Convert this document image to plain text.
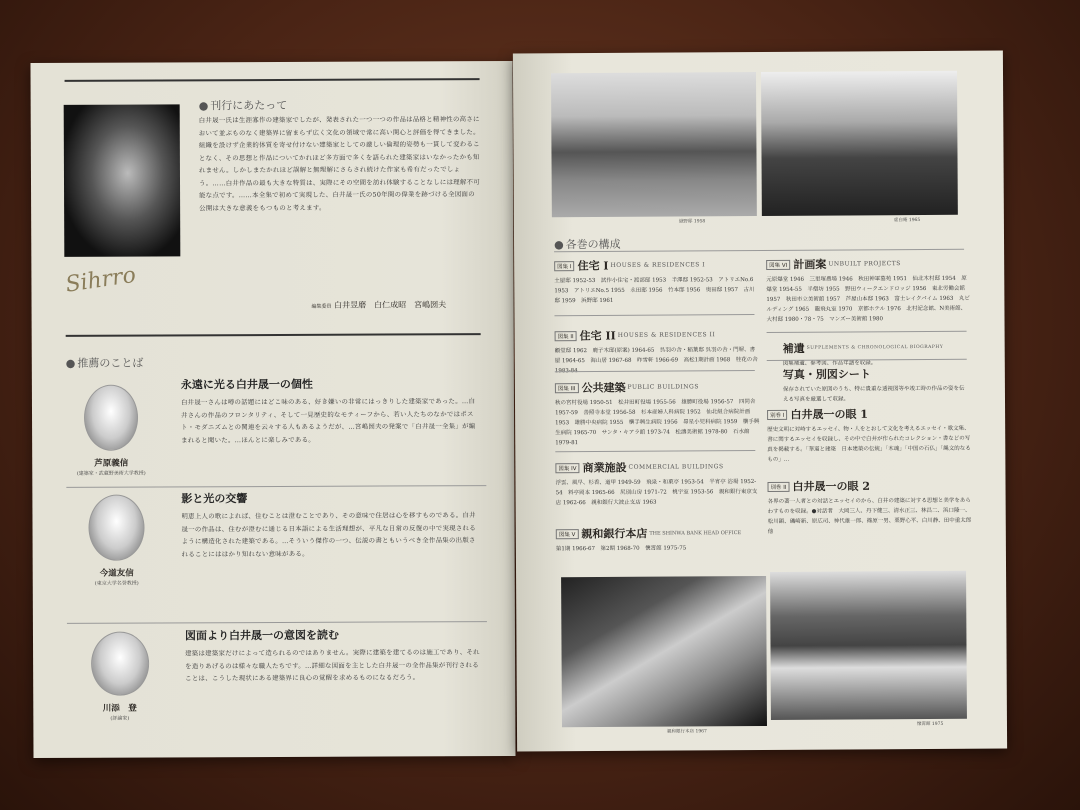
Sihrro
● 刊行にあたって
白井晟一氏は生涯寡作の建築家でしたが、発表された一つ一つの作品は品格と精神性の高さにおいて並ぶものなく建築界に留まらず広く文化の領域で常に高い関心と評価を得てきました。組織を設けず企業的体質を寄せ付けない建築家としての厳しい倫理的姿勢も一貫して変わることなく、その思想と作品についてかれほど多方面で多くを語られた建築家はいなかったかも知れません。しかしまたかれほど誤解と無理解にさらされ続けた作家も希有だったでしょう。……白井作品の最も大きな特質は、実際にその空間を訪れ体験することなしには理解不可能な点です。……本全集で初めて実現した、白井晟一氏の50年間の偉業を跡づける全図面の公開は大きな意義をもつものと考えます。
編集委員 白井昱磨　白仁成昭　宮嶋圀夫
● 推薦のことば
芦原義信
(建築家・武蔵野美術大学教授)
永遠に光る白井晟一の個性
白井晟一さんは噂の話題にはどこ味のある、好き嫌いの非常にはっきりした建築家であった。…白井さんの作品のフロンタリティ、そして一見歴史的なモティーフから、若い人たちのなかではポスト・モダニズムとの関連を云々する人もあるようだが、…宮嶋圀夫の発案で「白井晟一全集」が編まれると聞いた。…ほんとに楽しみである。
今道友信
(東京大学名誉教授)
影と光の交響
明恵上人の歌によれば、住むことは澄むことであり、その意味で住居は心を移すものである。白井晟一の作品は、住むが澄むに通じる日本語による生活理想が、平凡な日常の反復の中で実現されるように構造化された建築である。…そういう傑作の一つ、伝説の書ともいうべき全作品集の出版されることにははかり知れない意味がある。
川添　登
(評論家)
図面より白井晟一の意図を読む
建築は建築家だけによって造られるのではありません。実際に建築を建てるのは施工であり、それを造りあげるのは様々な職人たちです。…詳細な図面を主とした白井晟一の全作品集が刊行されることは、こうした現状にある建築界に良心の覚醒を求めるものになるだろう。
嶽野邸 1958	虚白庵 1965
● 各巻の構成
図集 I 住宅 I HOUSES & RESIDENCES I
土屋邸 1952-53　試作小住宅・渡部邸 1953　半澤邸 1952-53　アトリエNo.6 1953　アトリエNo.5 1955　永田邸 1956　竹本邸 1956　奥田邸 1957　古川邸 1959　浜野邸 1961
図集 II 住宅 II HOUSES & RESIDENCES II
顧堂邸 1962　鹿子木邸(原案) 1964-65　呉羽の舎・稲葉邸 呉羽の舎・門塀、書屋 1964-65　海山居 1967-68　昨雪軒 1966-69　高松1期計画 1968　桂花の舎
図集 III 公共建築 PUBLIC BUILDINGS
秋の宮村役場 1950-51　松井田町役場 1955-56　雄勝町役場 1956-57　四同舎 1957-59　善照寺本堂 1956-58　杉本産婦人科病院 1952　仙北組合病院計画 1953　雄勝中央病院 1955　横手興生病院 1956　昴星小児科病院 1959　横手興生病院 1965-70　サンタ・キアラ館 1973-74　松濤美術館 1978-80　石水館 1979-81
図集 IV 商業施設 COMMERCIAL BUILDINGS
浮雲、風早、杉香、道甲 1949-59　飛泉・和菓亭 1953-54　半宵亭 浴場 1952-54　料亭岡本 1965-66　尻別山房 1971-72　桃宇室 1953-56　親和銀行東京支店 1962-66　親和銀行大波止支店 1963
図集 V 親和銀行本店 THE SHINWA BANK HEAD OFFICE
第1期 1966-67　第2期 1968-70　懐霄館 1975-75
図集 VI 計画案 UNBUILT PROJECTS
元原爆堂 1946　三里塚農場 1946　秋田神軍墓苑 1951　仙北木村邸 1954　原爆堂 1954-55　半僧坊 1955　野田ウィークエンドロッジ 1956　東北労働会館 1957　秋田市立美術館 1957　芦屋山本邸 1963　富士レイクパイム 1963　丸ビルディング 1965　龍飛丸室 1970　京都ホテル 1976　北村記念館、N美術館、大村邸 1980・78・75　マンズー美術館 1980
補遺 SUPPLEMENTS & CHRONOLOGICAL BIOGRAPHY
図集補遺、参考図、作品年譜を収録。
写真・別図シート
保存されていた原図のうち、特に貴重な透視図等や竣工時の作品の姿を伝える写真を厳選して収録。
別巻 I 白井晟一の眼 1
歴史文明に対峙するエッセイ、物・人をとおして文化を考えるエッセイ・歌文集、書に関するエッセイを収録し、その中で白井が作られたコレクション・書などの写真を掲載する。「華道と建築　日本建築の伝統」「木魂」「中国の石仏」「縄文的なるもの」…
別巻 II 白井晟一の眼 2
各界の著一人者との対話とエッセイのから、白井の建築に対する思想と美学をあらわすものを収録。●対話者　大岡三人、丹下健三、清水正三、林昌二、浜口隆一、松川顕、磯崎新、原広司、神代雄一郎、篠原一男、栗野心平、白川静、田中重太郎 他
親和銀行本店 1967
懐霄館 1975
